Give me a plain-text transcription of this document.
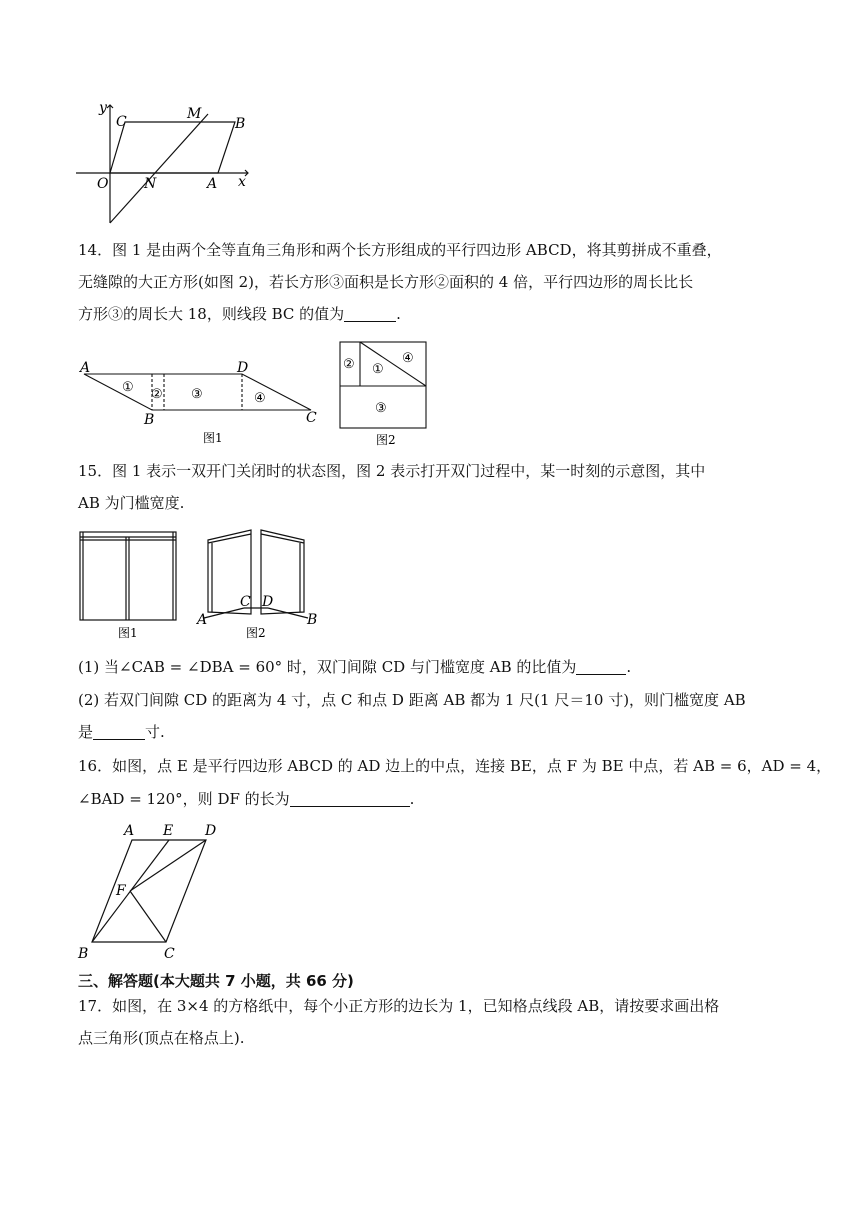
y
C	M
B
O	N	A x
14．图 1 是由两个全等直角三角形和两个长方形组成的平行四边形 ABCD，将其剪拼成不重叠，
无缝隙的大正方形(如图 2)，若长方形③面积是长方形②面积的 4 倍，平行四边形的周长比长
方形③的周长大 18，则线段 BC 的值为	.
A	D
B	C
① ② ③	④
图1
② ①
④
③
图2
15．图 1 表示一双开门关闭时的状态图，图 2 表示打开双门过程中，某一时刻的示意图，其中
AB 为门槛宽度.
图1
C D
A	B
图2
(1) 当∠CAB = ∠DBA = 60° 时，双门间隙 CD 与门槛宽度 AB 的比值为	.
(2) 若双门间隙 CD 的距离为 4 寸，点 C 和点 D 距离 AB 都为 1 尺(1 尺＝10 寸)，则门槛宽度 AB
是	寸.
16．如图，点 E 是平行四边形 ABCD 的 AD 边上的中点，连接 BE，点 F 为 BE 中点，若 AB = 6，AD = 4，
∠BAD = 120°，则 DF 的长为	.
A E D
F
B	C
三、解答题(本大题共 7 小题，共 66 分)
17．如图，在 3×4 的方格纸中，每个小正方形的边长为 1，已知格点线段 AB，请按要求画出格
点三角形(顶点在格点上).
